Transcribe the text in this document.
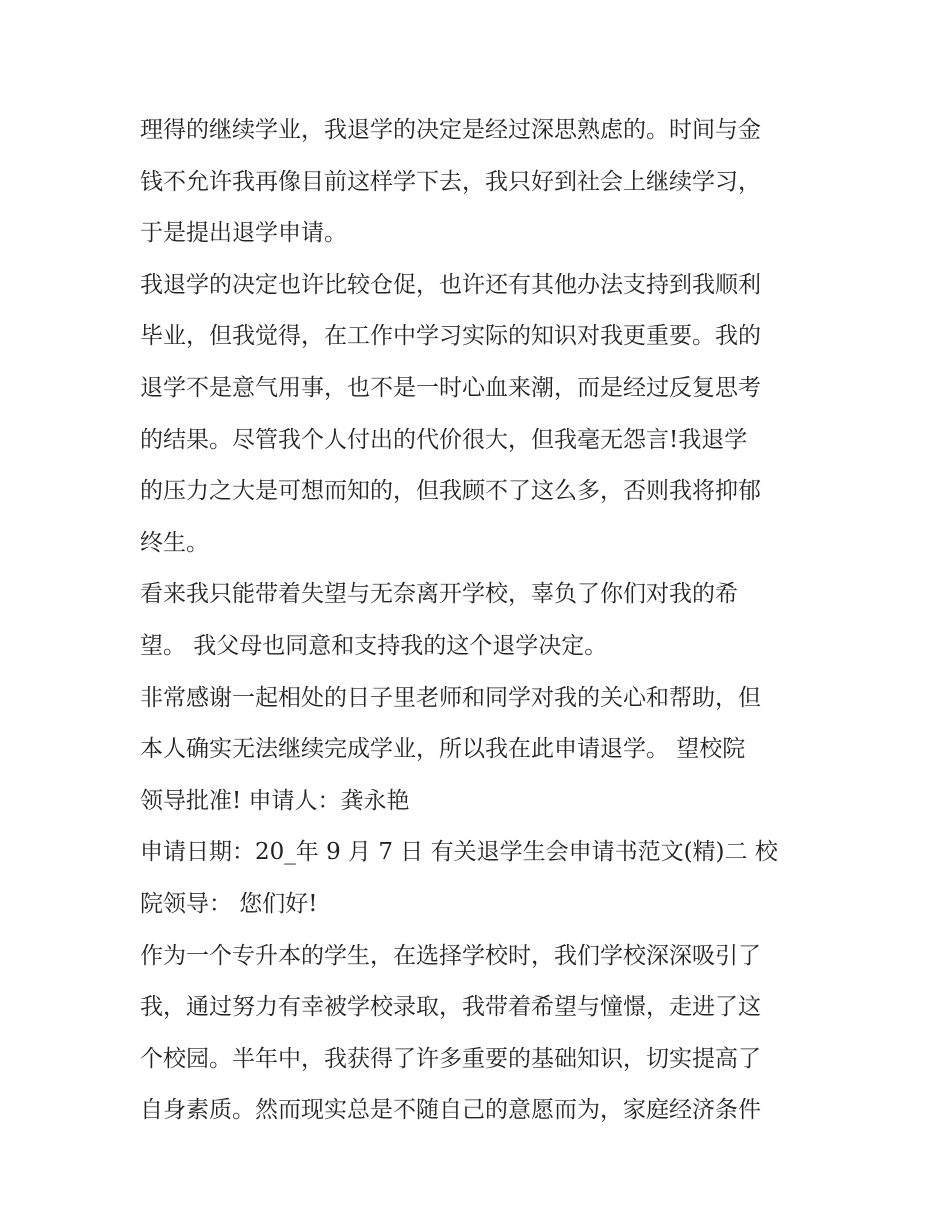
理得的继续学业，我退学的决定是经过深思熟虑的。时间与金
钱不允许我再像目前这样学下去，我只好到社会上继续学习，
于是提出退学申请。
我退学的决定也许比较仓促，也许还有其他办法支持到我顺利
毕业，但我觉得，在工作中学习实际的知识对我更重要。我的
退学不是意气用事，也不是一时心血来潮，而是经过反复思考
的结果。尽管我个人付出的代价很大，但我毫无怨言!我退学
的压力之大是可想而知的，但我顾不了这么多，否则我将抑郁
终生。
看来我只能带着失望与无奈离开学校，辜负了你们对我的希
望。 我父母也同意和支持我的这个退学决定。
非常感谢一起相处的日子里老师和同学对我的关心和帮助，但
本人确实无法继续完成学业，所以我在此申请退学。 望校院
领导批准! 申请人：龚永艳
申请日期：20_年 9 月 7 日 有关退学生会申请书范文(精)二 校
院领导： 您们好!
作为一个专升本的学生，在选择学校时，我们学校深深吸引了
我，通过努力有幸被学校录取，我带着希望与憧憬，走进了这
个校园。半年中，我获得了许多重要的基础知识，切实提高了
自身素质。然而现实总是不随自己的意愿而为，家庭经济条件
